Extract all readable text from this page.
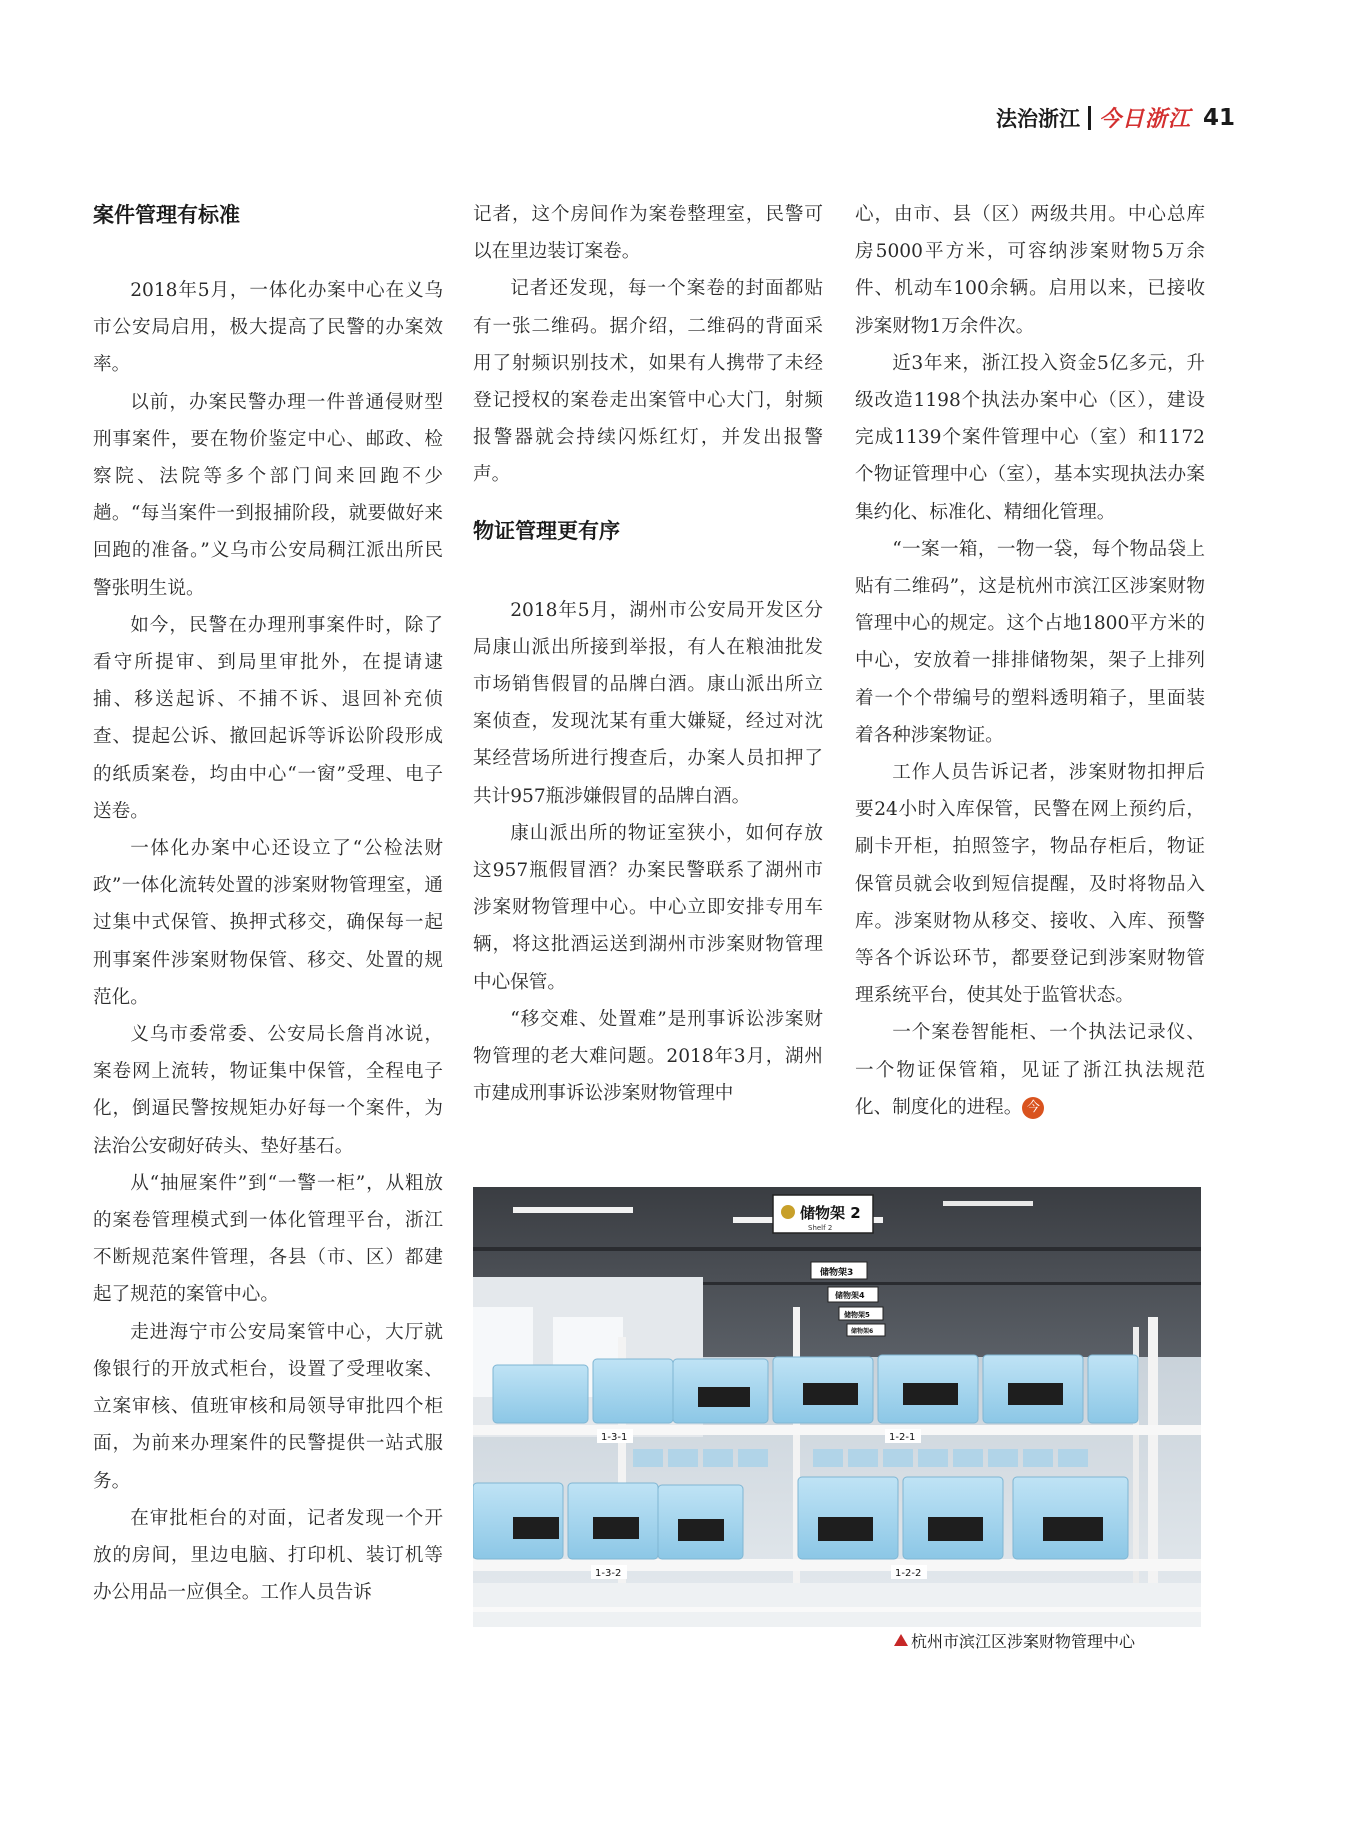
法治浙江 今日浙江 41
案件管理有标准

2018年5月，一体化办案中心在义乌市公安局启用，极大提高了民警的办案效率。

以前，办案民警办理一件普通侵财型刑事案件，要在物价鉴定中心、邮政、检察院、法院等多个部门间来回跑不少趟。“每当案件一到报捕阶段，就要做好来回跑的准备。”义乌市公安局稠江派出所民警张明生说。

如今，民警在办理刑事案件时，除了看守所提审、到局里审批外，在提请逮捕、移送起诉、不捕不诉、退回补充侦查、提起公诉、撤回起诉等诉讼阶段形成的纸质案卷，均由中心“一窗”受理、电子送卷。

一体化办案中心还设立了“公检法财政”一体化流转处置的涉案财物管理室，通过集中式保管、换押式移交，确保每一起刑事案件涉案财物保管、移交、处置的规范化。

义乌市委常委、公安局长詹肖冰说，案卷网上流转，物证集中保管，全程电子化，倒逼民警按规矩办好每一个案件，为法治公安砌好砖头、垫好基石。

从“抽屉案件”到“一警一柜”，从粗放的案卷管理模式到一体化管理平台，浙江不断规范案件管理，各县（市、区）都建起了规范的案管中心。

走进海宁市公安局案管中心，大厅就像银行的开放式柜台，设置了受理收案、立案审核、值班审核和局领导审批四个柜面，为前来办理案件的民警提供一站式服务。

在审批柜台的对面，记者发现一个开放的房间，里边电脑、打印机、装订机等办公用品一应俱全。工作人员告诉

记者，这个房间作为案卷整理室，民警可以在里边装订案卷。

记者还发现，每一个案卷的封面都贴有一张二维码。据介绍，二维码的背面采用了射频识别技术，如果有人携带了未经登记授权的案卷走出案管中心大门，射频报警器就会持续闪烁红灯，并发出报警声。

物证管理更有序

2018年5月，湖州市公安局开发区分局康山派出所接到举报，有人在粮油批发市场销售假冒的品牌白酒。康山派出所立案侦查，发现沈某有重大嫌疑，经过对沈某经营场所进行搜查后，办案人员扣押了共计957瓶涉嫌假冒的品牌白酒。

康山派出所的物证室狭小，如何存放这957瓶假冒酒？办案民警联系了湖州市涉案财物管理中心。中心立即安排专用车辆，将这批酒运送到湖州市涉案财物管理中心保管。

“移交难、处置难”是刑事诉讼涉案财物管理的老大难问题。2018年3月，湖州市建成刑事诉讼涉案财物管理中

心，由市、县（区）两级共用。中心总库房5000平方米，可容纳涉案财物5万余件、机动车100余辆。启用以来，已接收涉案财物1万余件次。

近3年来，浙江投入资金5亿多元，升级改造1198个执法办案中心（区），建设完成1139个案件管理中心（室）和1172个物证管理中心（室），基本实现执法办案集约化、标准化、精细化管理。

“一案一箱，一物一袋，每个物品袋上贴有二维码”，这是杭州市滨江区涉案财物管理中心的规定。这个占地1800平方米的中心，安放着一排排储物架，架子上排列着一个个带编号的塑料透明箱子，里面装着各种涉案物证。

工作人员告诉记者，涉案财物扣押后要24小时入库保管，民警在网上预约后，刷卡开柜，拍照签字，物品存柜后，物证保管员就会收到短信提醒，及时将物品入库。涉案财物从移交、接收、入库、预警等各个诉讼环节，都要登记到涉案财物管理系统平台，使其处于监管状态。

一个案卷智能柜、一个执法记录仪、一个物证保管箱，见证了浙江执法规范化、制度化的进程。 今

储物架 2
Shelf 2
储物架3
储物架4
储物架5
储物架6
1-3-1	1-2-1
1-3-2	1-2-2
杭州市滨江区涉案财物管理中心
